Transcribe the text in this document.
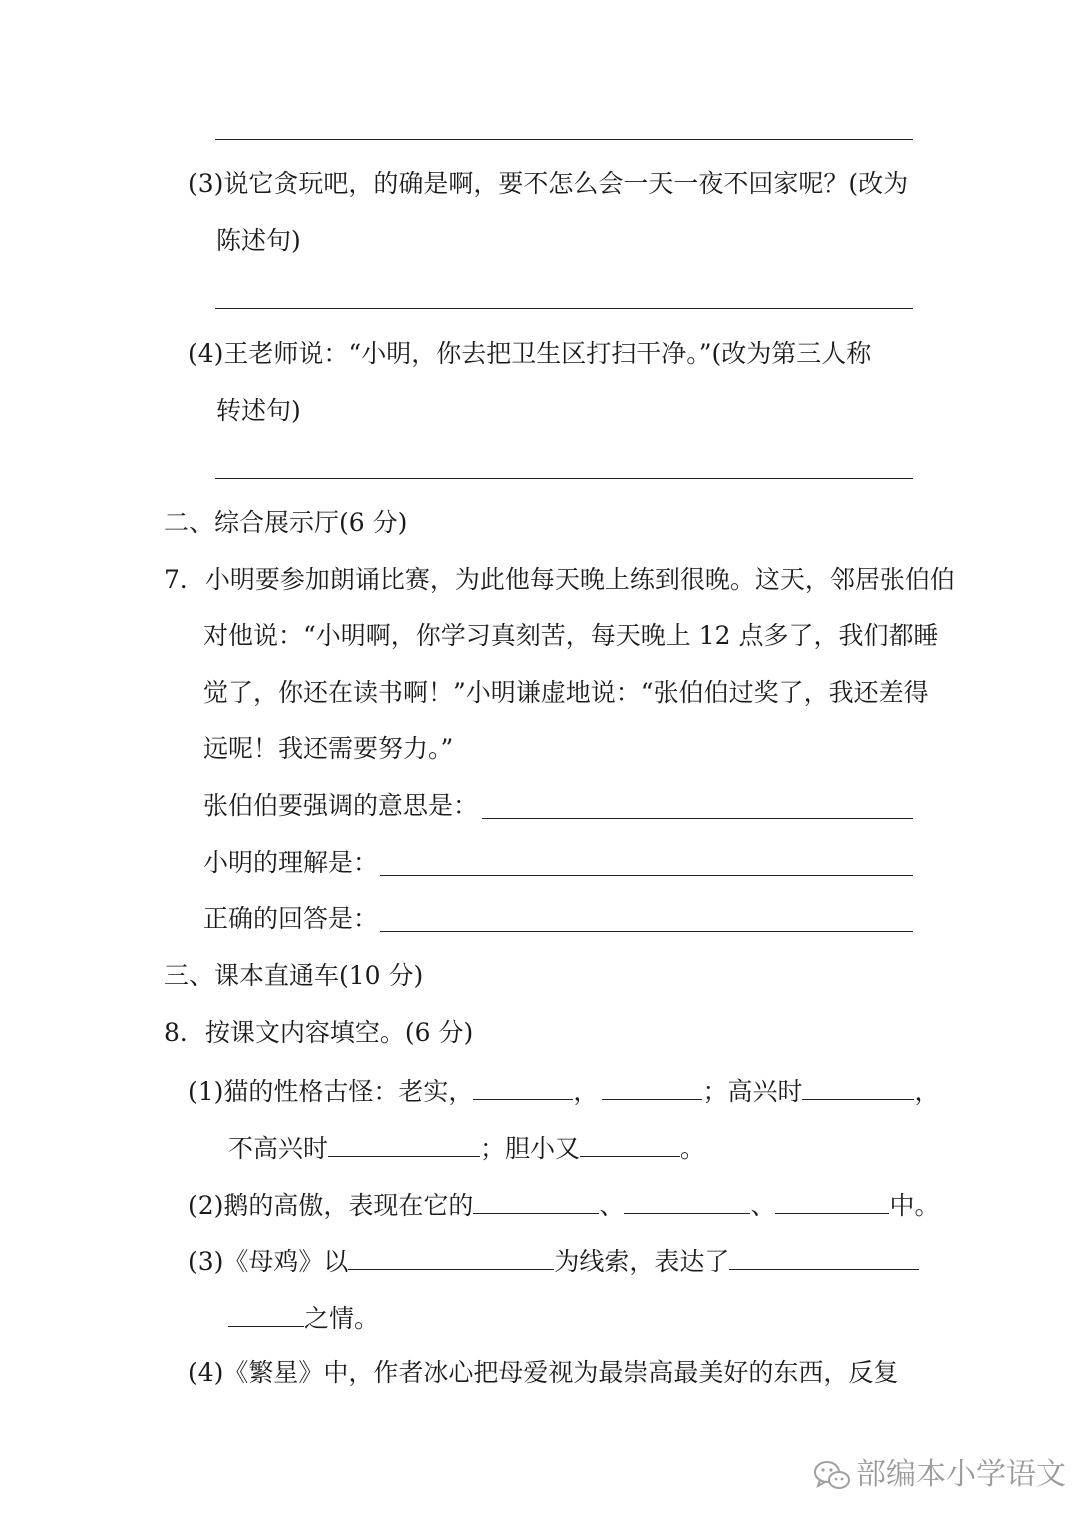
(3)说它贪玩吧，的确是啊，要不怎么会一天一夜不回家呢？(改为
陈述句)
(4)王老师说：“小明，你去把卫生区打扫干净。”(改为第三人称
转述句)
二、综合展示厅(6 分)
7．小明要参加朗诵比赛，为此他每天晚上练到很晚。这天，邻居张伯伯
对他说：“小明啊，你学习真刻苦，每天晚上 12 点多了，我们都睡
觉了，你还在读书啊！”小明谦虚地说：“张伯伯过奖了，我还差得
远呢！我还需要努力。”
张伯伯要强调的意思是：
小明的理解是：
正确的回答是：
三、课本直通车(10 分)
8．按课文内容填空。(6 分)
(1)猫的性格古怪：老实，	，	；高兴时	，
不高兴时	；胆小又	。
(2)鹅的高傲，表现在它的	、	、	中。
(3)《母鸡》以	为线索，表达了
之情。
(4)《繁星》中，作者冰心把母爱视为最崇高最美好的东西，反复
部编本小学语文
